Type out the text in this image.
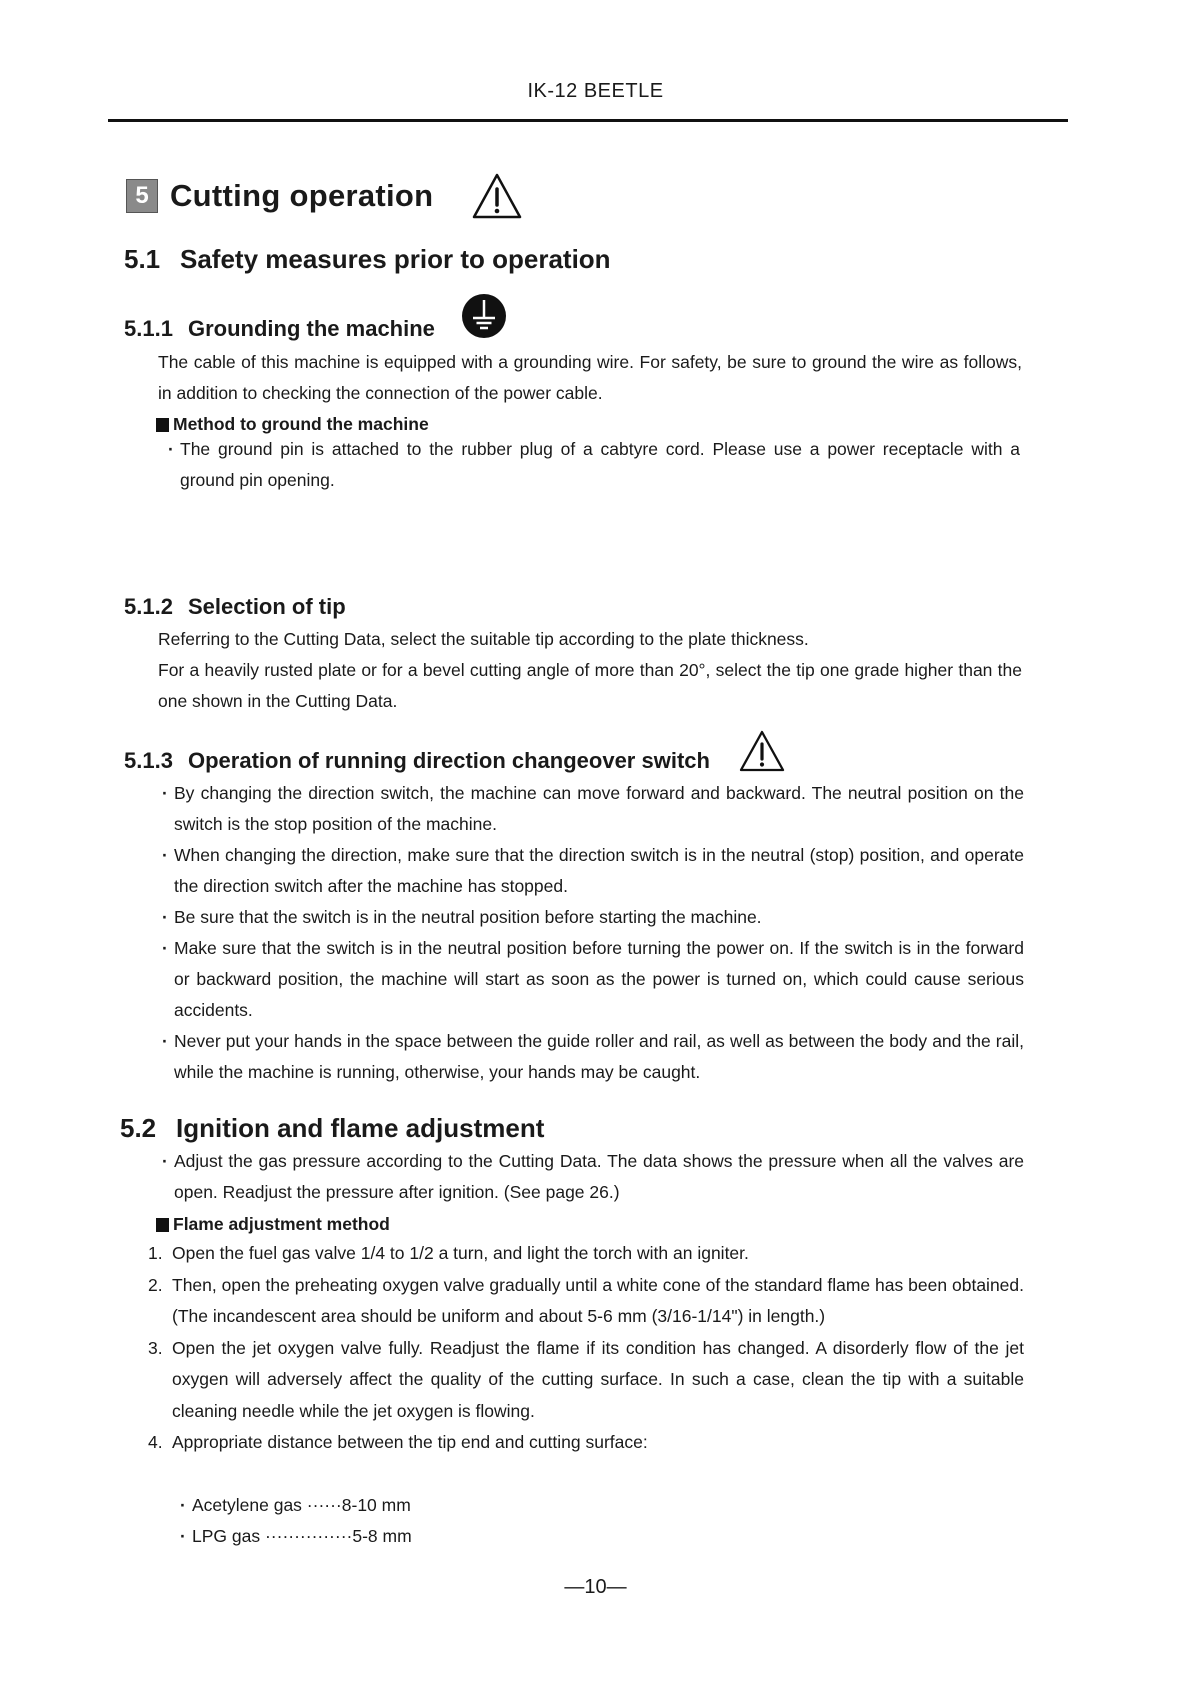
IK-12 BEETLE
5 Cutting operation
5.1 Safety measures prior to operation
5.1.1 Grounding the machine
The cable of this machine is equipped with a grounding wire. For safety, be sure to ground the wire as follows, in addition to checking the connection of the power cable.
Method to ground the machine
· The ground pin is attached to the rubber plug of a cabtyre cord. Please use a power receptacle with a ground pin opening.
5.1.2 Selection of tip
Referring to the Cutting Data, select the suitable tip according to the plate thickness.
For a heavily rusted plate or for a bevel cutting angle of more than 20°, select the tip one grade higher than the one shown in the Cutting Data.
5.1.3 Operation of running direction changeover switch
· By changing the direction switch, the machine can move forward and backward. The neutral position on the switch is the stop position of the machine.
· When changing the direction, make sure that the direction switch is in the neutral (stop) position, and operate the direction switch after the machine has stopped.
· Be sure that the switch is in the neutral position before starting the machine.
· Make sure that the switch is in the neutral position before turning the power on. If the switch is in the forward or backward position, the machine will start as soon as the power is turned on, which could cause serious accidents.
· Never put your hands in the space between the guide roller and rail, as well as between the body and the rail, while the machine is running, otherwise, your hands may be caught.
5.2 Ignition and flame adjustment
· Adjust the gas pressure according to the Cutting Data. The data shows the pressure when all the valves are open. Readjust the pressure after ignition. (See page 26.)
Flame adjustment method
1. Open the fuel gas valve 1/4 to 1/2 a turn, and light the torch with an igniter.
2. Then, open the preheating oxygen valve gradually until a white cone of the standard flame has been obtained. (The incandescent area should be uniform and about 5-6 mm (3/16-1/14") in length.)
3. Open the jet oxygen valve fully. Readjust the flame if its condition has changed. A disorderly flow of the jet oxygen will adversely affect the quality of the cutting surface. In such a case, clean the tip with a suitable cleaning needle while the jet oxygen is flowing.
4. Appropriate distance between the tip end and cutting surface:
· Acetylene gas ······8-10 mm
· LPG gas ···············5-8 mm
—10—
